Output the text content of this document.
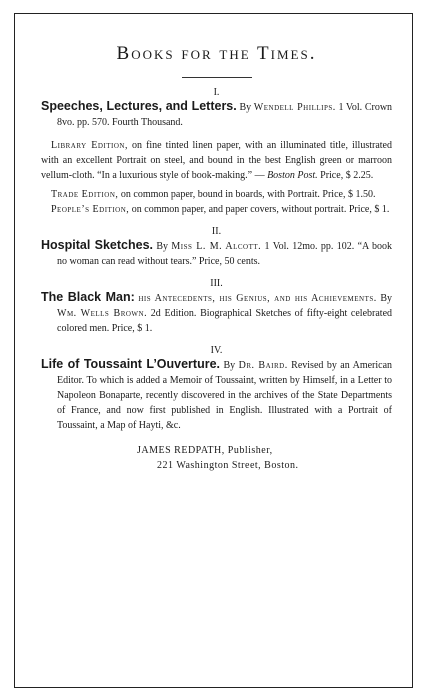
Books for the Times.
I.
Speeches, Lectures, and Letters. By Wendell Phillips. 1 Vol. Crown 8vo. pp. 570. Fourth Thousand.
Library Edition, on fine tinted linen paper, with an illuminated title, illustrated with an excellent Portrait on steel, and bound in the best English green or marroon vellum-cloth. “In a luxurious style of book-making.” — Boston Post. Price, $ 2.25.
Trade Edition, on common paper, bound in boards, with Portrait. Price, $ 1.50.
People’s Edition, on common paper, and paper covers, without portrait. Price, $ 1.
II.
Hospital Sketches. By Miss L. M. Alcott. 1 Vol. 12mo. pp. 102. “A book no woman can read without tears.” Price, 50 cents.
III.
The Black Man: his Antecedents, his Genius, and his Achievements. By Wm. Wells Brown. 2d Edition. Biographical Sketches of fifty-eight celebrated colored men. Price, $ 1.
IV.
Life of Toussaint L’Ouverture. By Dr. Baird. Revised by an American Editor. To which is added a Memoir of Toussaint, written by Himself, in a Letter to Napoleon Bonaparte, recently discovered in the archives of the State Departments of France, and now first published in English. Illustrated with a Portrait of Toussaint, a Map of Hayti, &c.
JAMES REDPATH, Publisher,
221 Washington Street, Boston.
